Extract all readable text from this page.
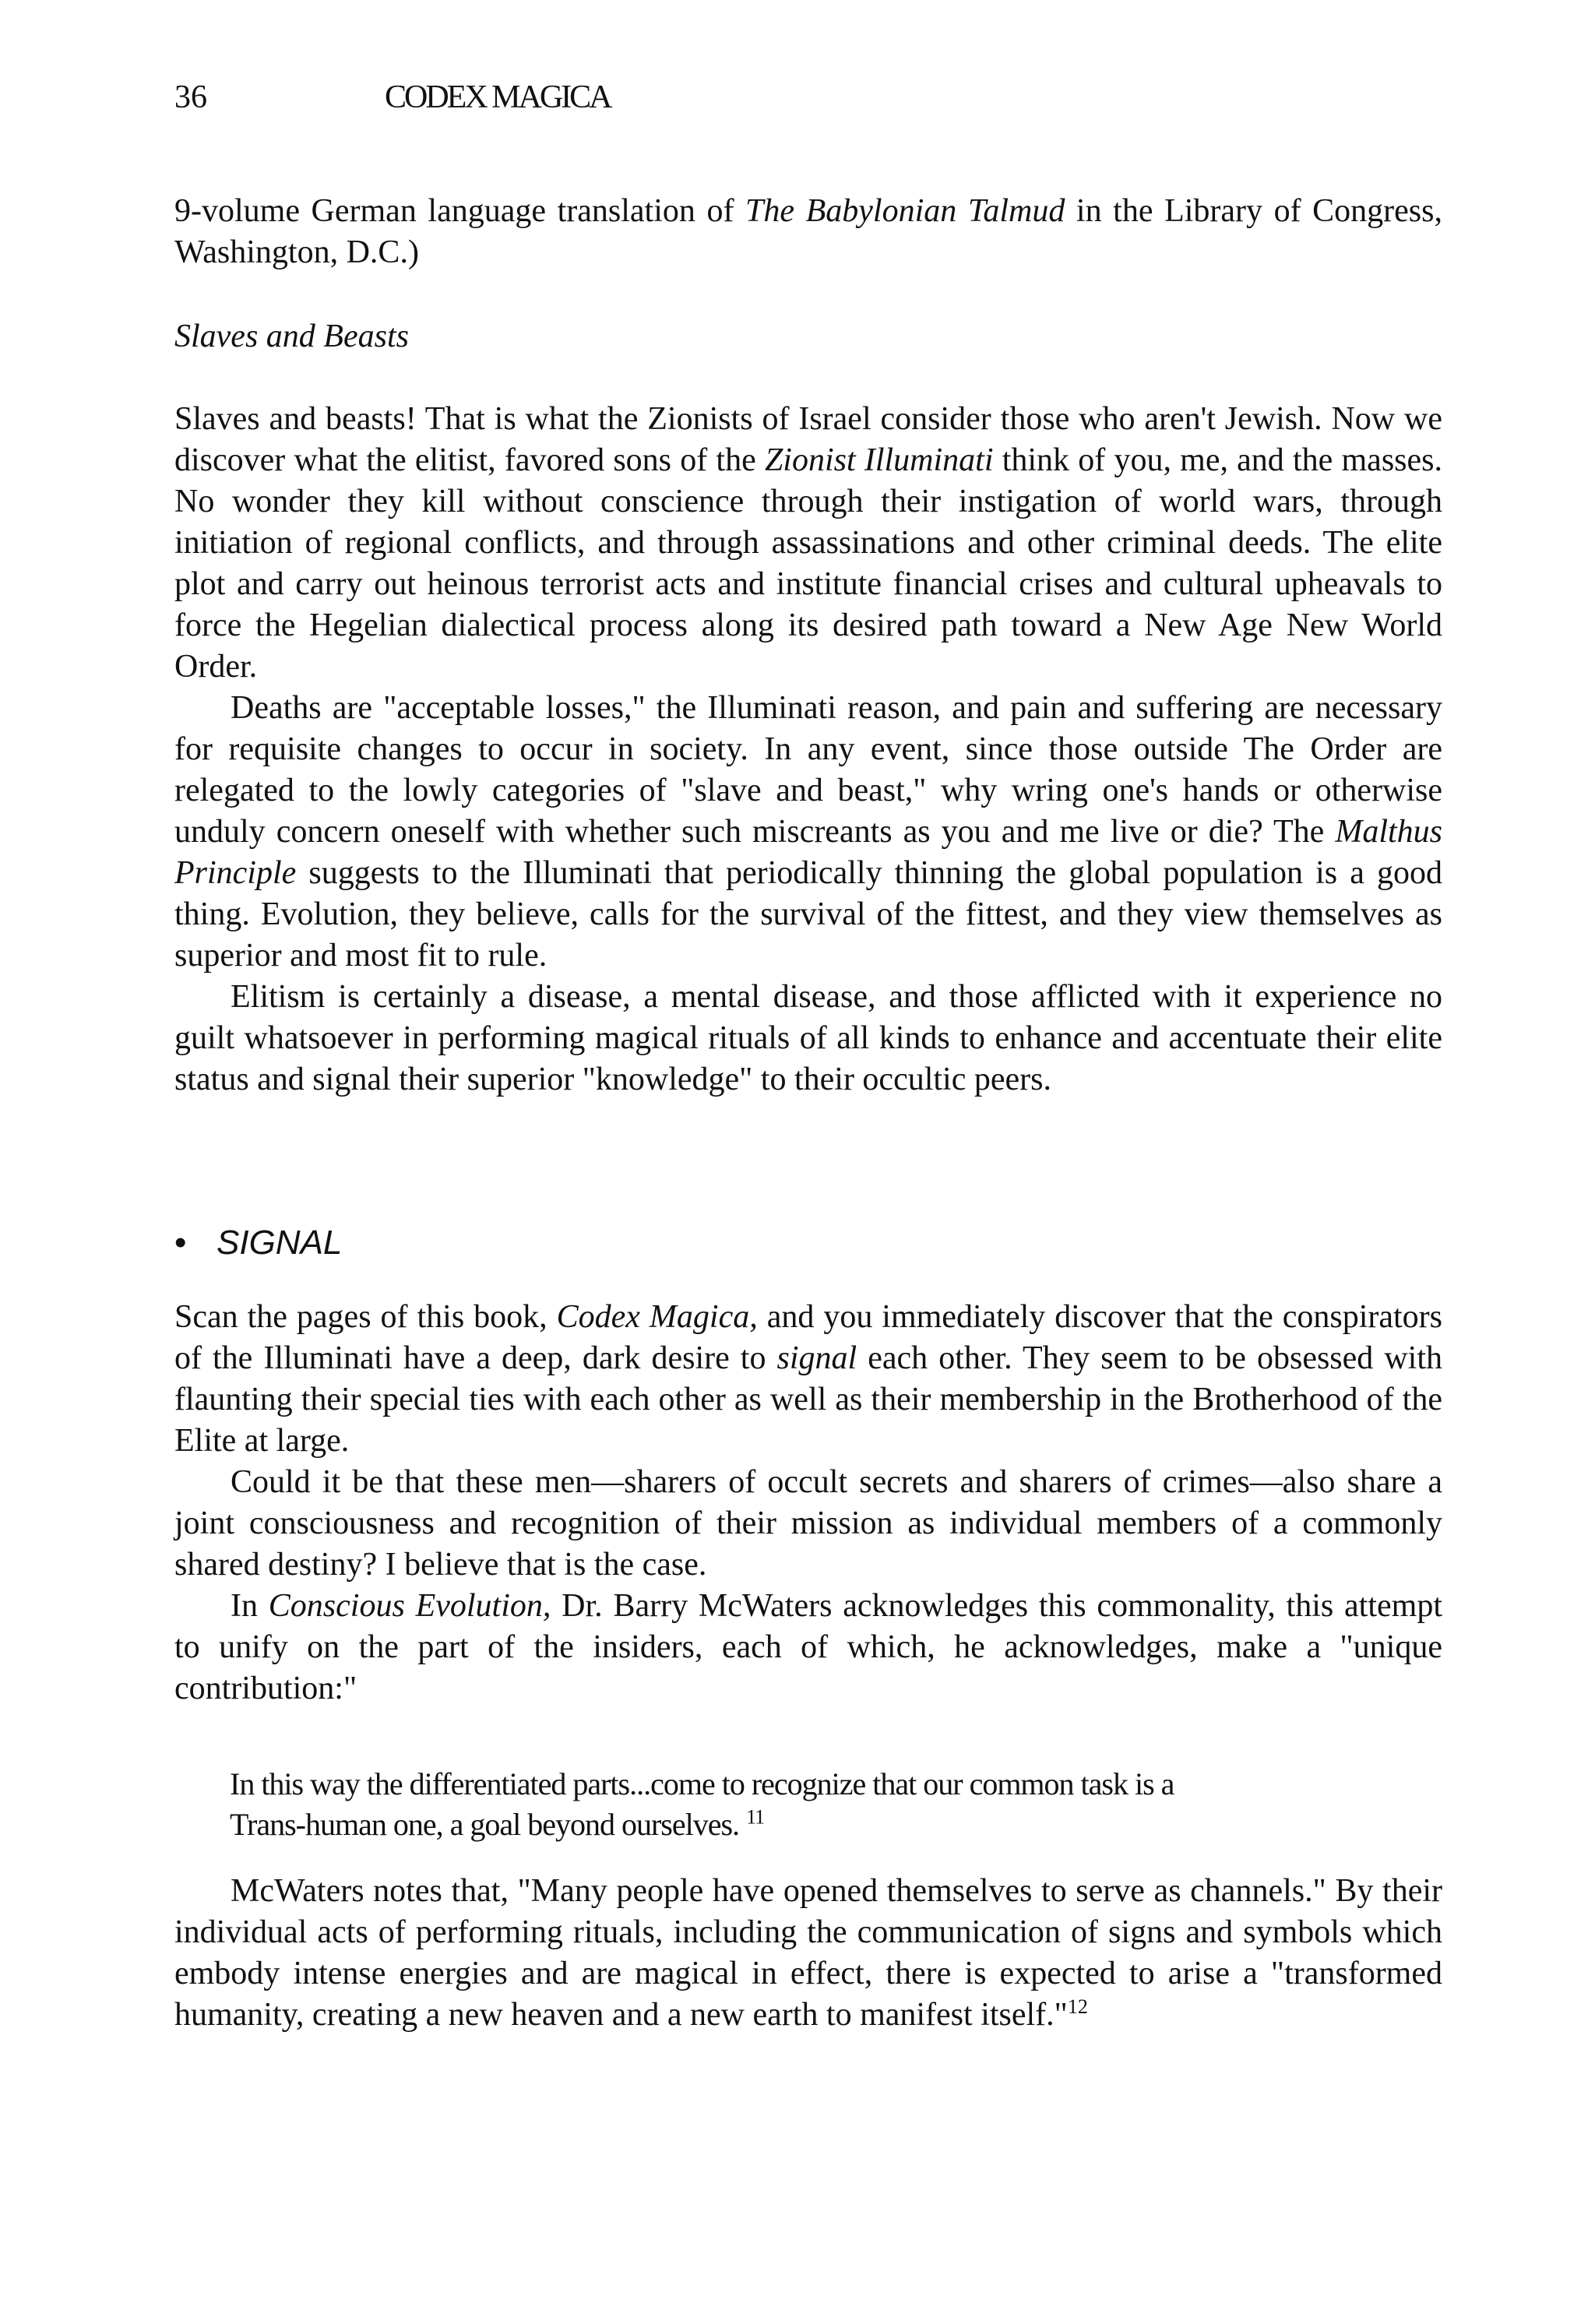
36	CODEX MAGICA

9-volume German language translation of The Babylonian Talmud in the Library of Congress, Washington, D.C.)

Slaves and Beasts

Slaves and beasts! That is what the Zionists of Israel consider those who aren't Jewish. Now we discover what the elitist, favored sons of the Zionist Illuminati think of you, me, and the masses. No wonder they kill without conscience through their instigation of world wars, through initiation of regional conflicts, and through assassinations and other criminal deeds. The elite plot and carry out heinous terrorist acts and institute financial crises and cultural upheavals to force the Hegelian dialectical process along its desired path toward a New Age New World Order.

Deaths are "acceptable losses," the Illuminati reason, and pain and suffering are necessary for requisite changes to occur in society. In any event, since those outside The Order are relegated to the lowly categories of "slave and beast," why wring one's hands or otherwise unduly concern oneself with whether such miscreants as you and me live or die? The Malthus Principle suggests to the Illuminati that periodically thinning the global population is a good thing. Evolution, they believe, calls for the survival of the fittest, and they view themselves as superior and most fit to rule.

Elitism is certainly a disease, a mental disease, and those afflicted with it experience no guilt whatsoever in performing magical rituals of all kinds to enhance and accentuate their elite status and signal their superior "knowledge" to their occultic peers.

• SIGNAL

Scan the pages of this book, Codex Magica, and you immediately discover that the conspirators of the Illuminati have a deep, dark desire to signal each other. They seem to be obsessed with flaunting their special ties with each other as well as their membership in the Brotherhood of the Elite at large.

Could it be that these men—sharers of occult secrets and sharers of crimes—also share a joint consciousness and recognition of their mission as individual members of a commonly shared destiny? I believe that is the case.

In Conscious Evolution, Dr. Barry McWaters acknowledges this commonality, this attempt to unify on the part of the insiders, each of which, he acknowledges, make a "unique contribution:"

In this way the differentiated parts...come to recognize that our common task is a

Trans-human one, a goal beyond ourselves. $^{11}$

McWaters notes that, "Many people have opened themselves to serve as channels." By their individual acts of performing rituals, including the communication of signs and symbols which embody intense energies and are magical in effect, there is expected to arise a "transformed humanity, creating a new heaven and a new earth to manifest itself."$^{12}$
